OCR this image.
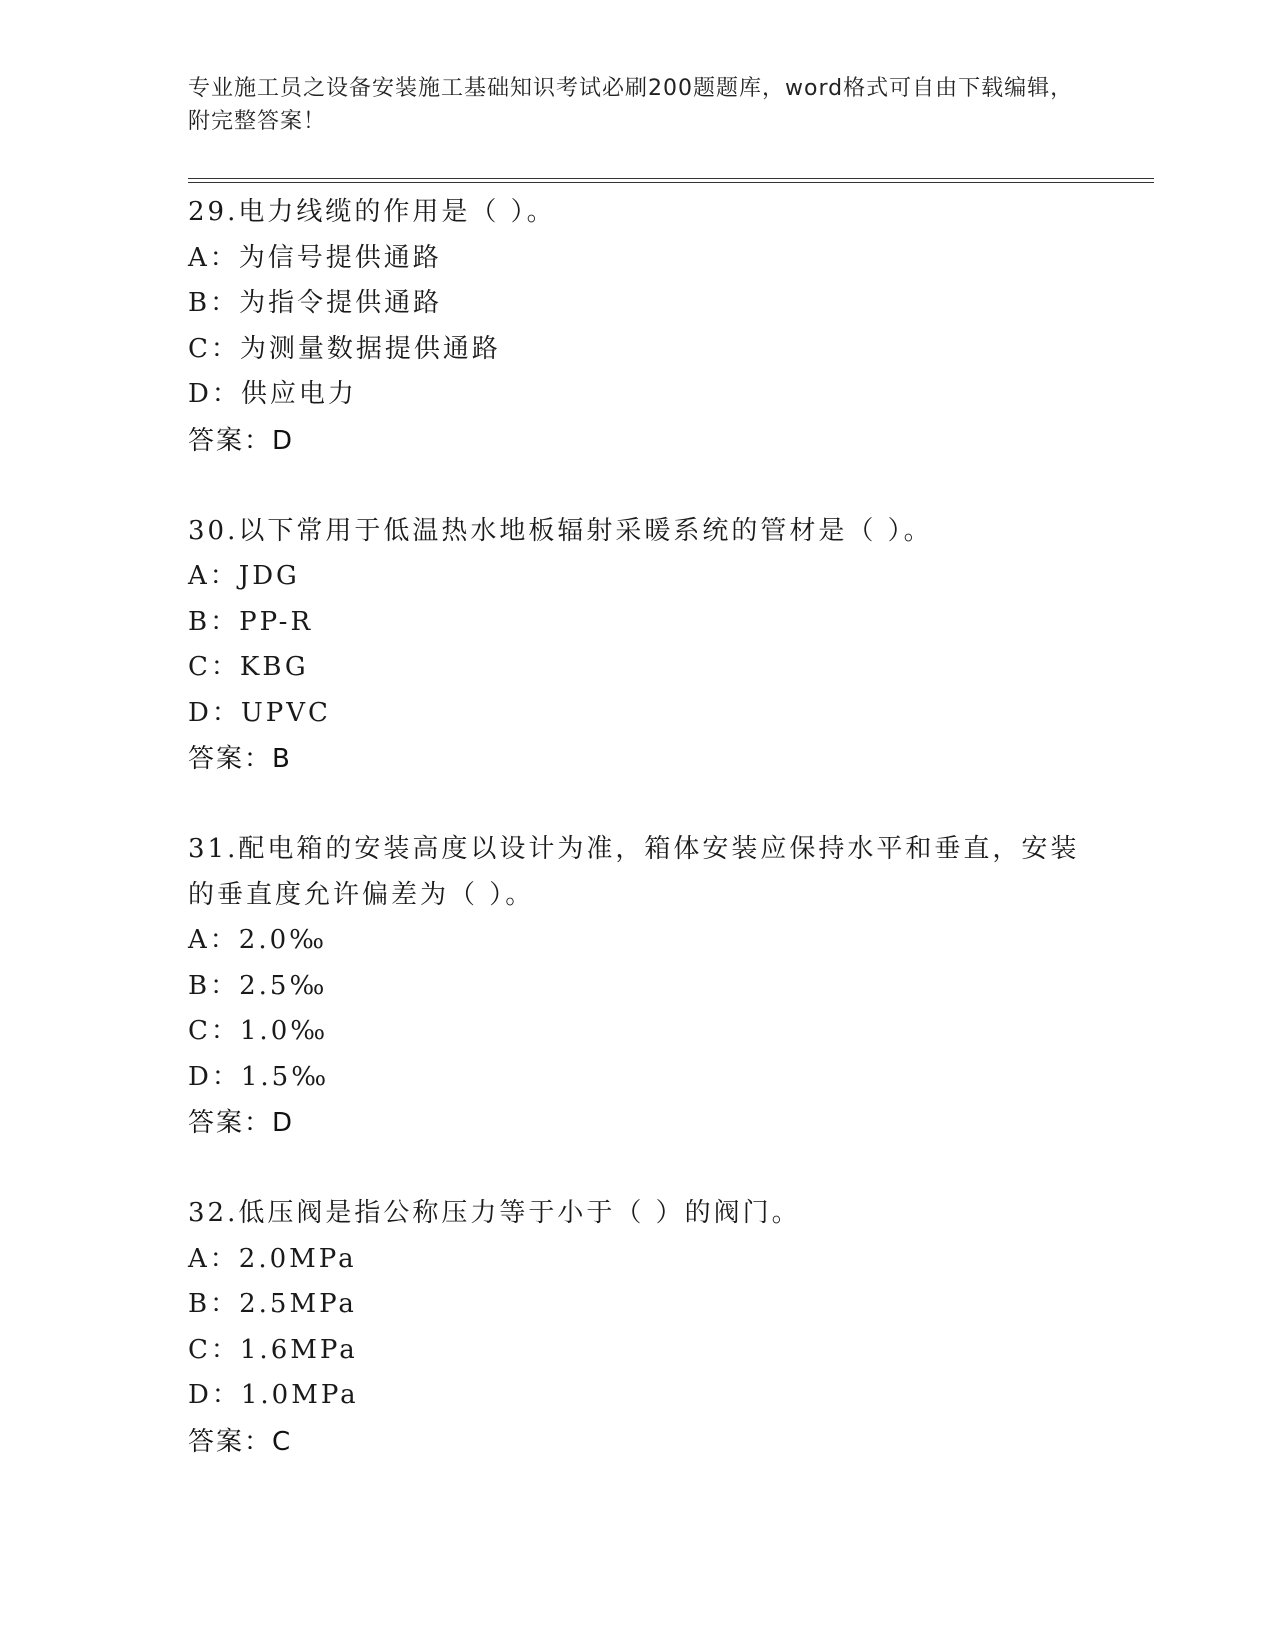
专业施工员之设备安装施工基础知识考试必刷200题题库，word格式可自由下载编辑，附完整答案！
29.电力线缆的作用是（ ）。
A：为信号提供通路
B：为指令提供通路
C：为测量数据提供通路
D：供应电力
答案：D
30.以下常用于低温热水地板辐射采暖系统的管材是（ ）。
A：JDG
B：PP-R
C：KBG
D：UPVC
答案：B
31.配电箱的安装高度以设计为准，箱体安装应保持水平和垂直，安装的垂直度允许偏差为（ ）。
A：2.0‰
B：2.5‰
C：1.0‰
D：1.5‰
答案：D
32.低压阀是指公称压力等于小于（ ）的阀门。
A：2.0MPa
B：2.5MPa
C：1.6MPa
D：1.0MPa
答案：C
